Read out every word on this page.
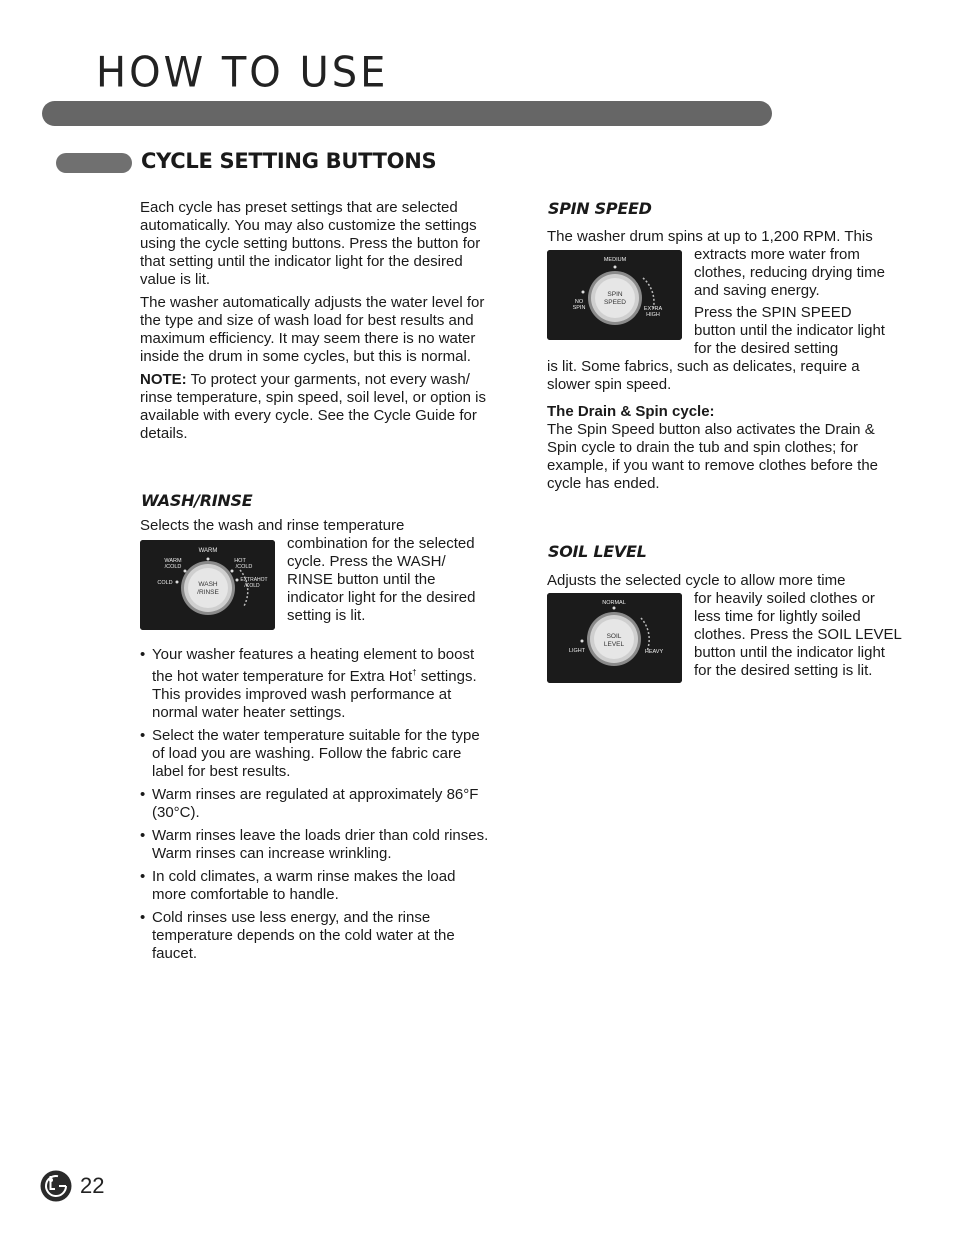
HOW TO USE
CYCLE SETTING BUTTONS

Each cycle has preset settings that are selected automatically. You may also customize the settings using the cycle setting buttons. Press the button for that setting until the indicator light for the desired value is lit.

The washer automatically adjusts the water level for the type and size of wash load for best results and maximum efficiency. It may seem there is no water inside the drum in some cycles, but this is normal.

NOTE: To protect your garments, not every wash/ rinse temperature, spin speed, soil level, or option is available with every cycle. See the Cycle Guide for details.

WASH/RINSE
Selects the wash and rinse temperature
WARM
WARM
/COLD
HOT
/COLD
COLD	EXTRAHOT
/COLD
WASH
/RINSE
combination for the selected cycle. Press the WASH/ RINSE button until the indicator light for the desired setting is lit.
• Your washer features a heating element to boost the hot water temperature for Extra Hot† settings. This provides improved wash performance at normal water heater settings.
• Select the water temperature suitable for the type of load you are washing. Follow the fabric care label for best results.
• Warm rinses are regulated at approximately 86°F (30°C).
• Warm rinses leave the loads drier than cold rinses. Warm rinses can increase wrinkling.
• In cold climates, a warm rinse makes the load more comfortable to handle.
• Cold rinses use less energy, and the rinse temperature depends on the cold water at the faucet.
SPIN SPEED
The washer drum spins at up to 1,200 RPM. This
MEDIUM
NO
SPIN	EXTRA
HIGH
SPIN
SPEED
extracts more water from clothes, reducing drying time and saving energy.
Press the SPIN SPEED button until the indicator light for the desired setting
is lit. Some fabrics, such as delicates, require a slower spin speed.
The Drain & Spin cycle:
The Spin Speed button also activates the Drain & Spin cycle to drain the tub and spin clothes; for example, if you want to remove clothes before the cycle has ended.
SOIL LEVEL
Adjusts the selected cycle to allow more time
NORMAL
LIGHT	HEAVY
SOIL
LEVEL
for heavily soiled clothes or less time for lightly soiled clothes. Press the SOIL LEVEL button until the indicator light for the desired setting is lit.
22
